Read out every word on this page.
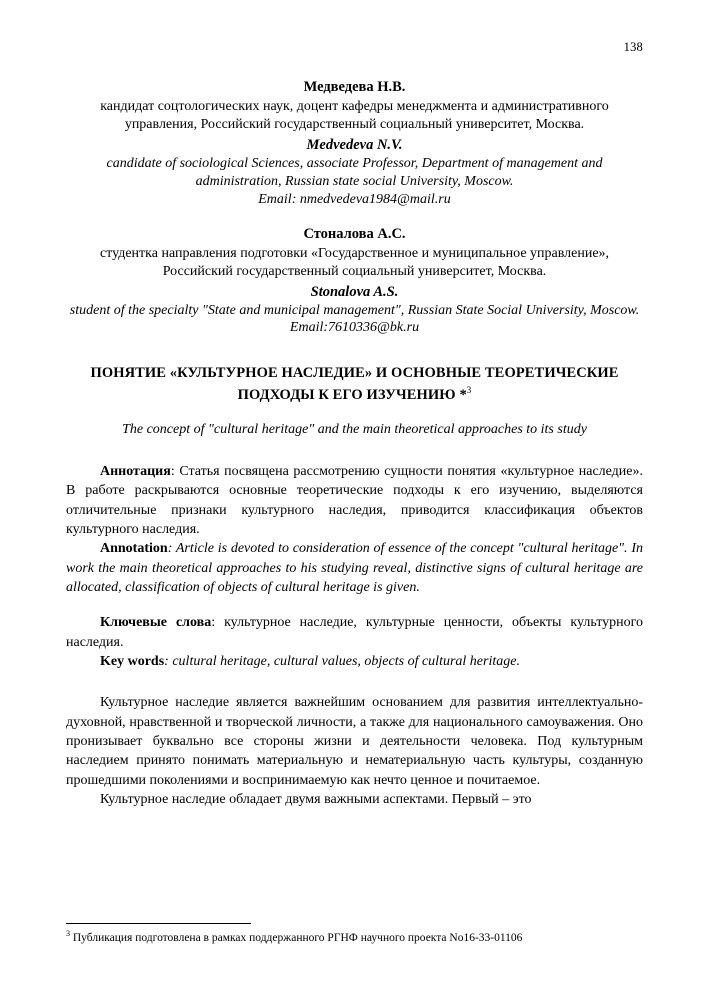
138
Медведева Н.В.
кандидат соцтологических наук, доцент кафедры менеджмента и административного управления, Российский государственный социальный университет, Москва.
Medvedeva N.V.
candidate of sociological Sciences, associate Professor, Department of management and administration, Russian state social University, Moscow.
Email: nmedvedeva1984@mail.ru
Стоналова А.С.
студентка направления подготовки «Государственное и муниципальное управление», Российский государственный социальный университет, Москва.
Stonalova A.S.
student of the specialty "State and municipal management", Russian State Social University, Moscow.
Email:7610336@bk.ru
ПОНЯТИЕ «КУЛЬТУРНОЕ НАСЛЕДИЕ» И ОСНОВНЫЕ ТЕОРЕТИЧЕСКИЕ ПОДХОДЫ К ЕГО ИЗУЧЕНИЮ *$^3$
The concept of "cultural heritage" and the main theoretical approaches to its study

Аннотация: Статья посвящена рассмотрению сущности понятия «культурное наследие». В работе раскрываются основные теоретические подходы к его изучению, выделяются отличительные признаки культурного наследия, приводится классификация объектов культурного наследия.

Annotation: Article is devoted to consideration of essence of the concept "cultural heritage". In work the main theoretical approaches to his studying reveal, distinctive signs of cultural heritage are allocated, classification of objects of cultural heritage is given.

Ключевые слова: культурное наследие, культурные ценности, объекты культурного наследия.

Key words: cultural heritage, cultural values, objects of cultural heritage.

Культурное наследие является важнейшим основанием для развития интеллектуально-духовной, нравственной и творческой личности, а также для национального самоуважения. Оно пронизывает буквально все стороны жизни и деятельности человека. Под культурным наследием принято понимать материальную и нематериальную часть культуры, созданную прошедшими поколениями и воспринимаемую как нечто ценное и почитаемое.

Культурное наследие обладает двумя важными аспектами. Первый – это

$^3$ Публикация подготовлена в рамках поддержанного РГНФ научного проекта No16-33-01106
